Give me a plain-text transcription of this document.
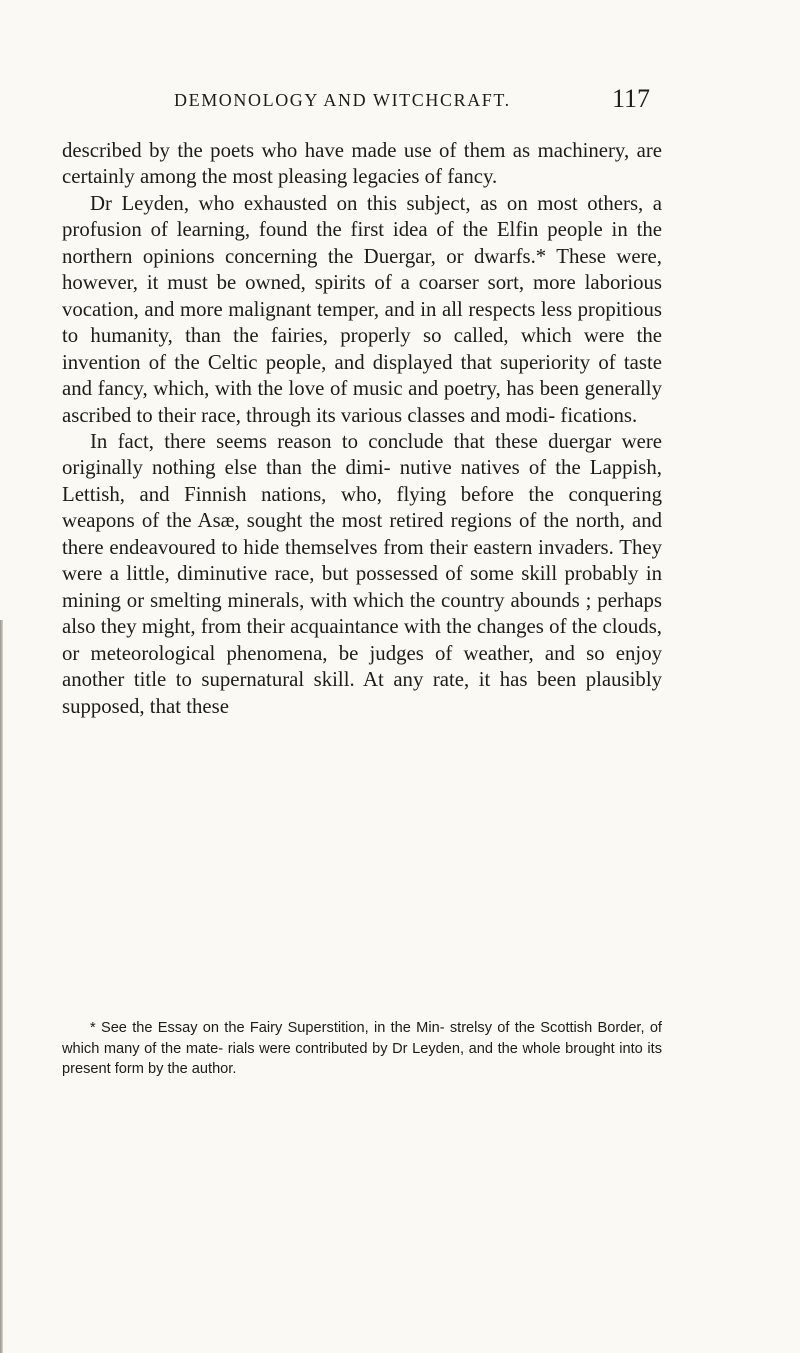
DEMONOLOGY AND WITCHCRAFT.	117

described by the poets who have made use of them as machinery, are certainly among the most pleasing legacies of fancy.

Dr Leyden, who exhausted on this subject, as on most others, a profusion of learning, found the first idea of the Elfin people in the northern opinions concerning the Duergar, or dwarfs.* These were, however, it must be owned, spirits of a coarser sort, more laborious vocation, and more malignant temper, and in all respects less propitious to humanity, than the fairies, properly so called, which were the invention of the Celtic people, and displayed that superiority of taste and fancy, which, with the love of music and poetry, has been generally ascribed to their race, through its various classes and modi- fications.

In fact, there seems reason to conclude that these duergar were originally nothing else than the dimi- nutive natives of the Lappish, Lettish, and Finnish nations, who, flying before the conquering weapons of the Asæ, sought the most retired regions of the north, and there endeavoured to hide themselves from their eastern invaders. They were a little, diminutive race, but possessed of some skill probably in mining or smelting minerals, with which the country abounds ; perhaps also they might, from their acquaintance with the changes of the clouds, or meteorological phenomena, be judges of weather, and so enjoy another title to supernatural skill. At any rate, it has been plausibly supposed, that these

* See the Essay on the Fairy Superstition, in the Min- strelsy of the Scottish Border, of which many of the mate- rials were contributed by Dr Leyden, and the whole brought into its present form by the author.
